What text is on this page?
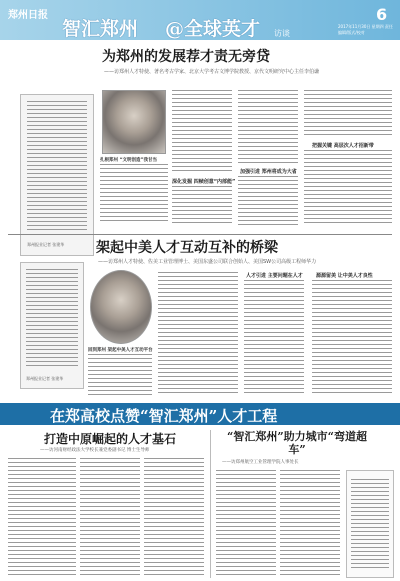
郑州日报
智汇郑州 @全球英才 访谈
6
2017年11月30日 星期四 责任编辑/版式/校对
为郑州的发展荐才责无旁贷
——访郑州人才特使、著名考古学家、北京大学考古文博学院教授、京代文明研究中心主任李伯谦
郑州报业记者 张建华
扎根郑州 “文明创造”我甘当
深化发掘 四帧创意“内部能”
加强引进 郑州将成为大省
把握关键 高层次人才招新带
架起中美人才互动互补的桥梁
——访郑州人才特使、佐美工业管理博士、美国东盛公司联合创始人、美国SW公司高级工程师华力
郑州报业记者 张建华
回到郑州 架起中美人才互动平台
人才引进 主要问题在人才	源源留美 让中美人才良性
在郑高校点赞“智汇郑州”人才工程
打造中原崛起的人才基石
——访河南财经政法大学校长兼党委副书记 博士生导师
“智汇郑州”助力城市“弯道超车”
——访郑州航空工业管理学院人事处长
